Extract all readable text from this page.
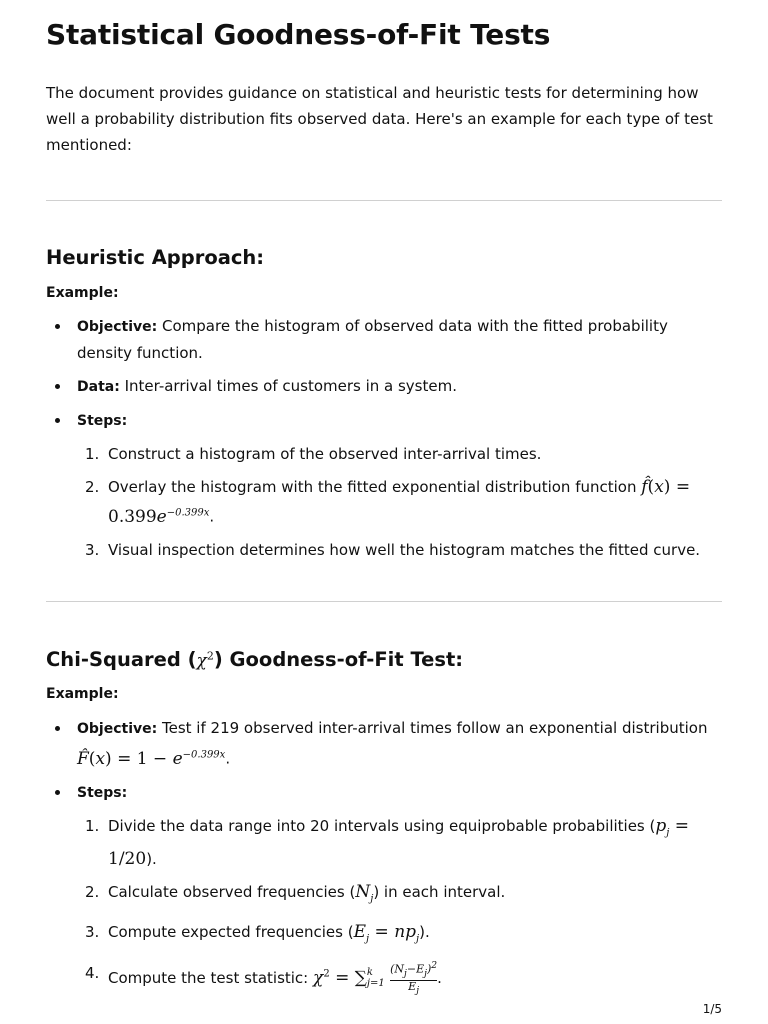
Statistical Goodness-of-Fit Tests

The document provides guidance on statistical and heuristic tests for determining how well a probability distribution fits observed data. Here's an example for each type of test mentioned:

Heuristic Approach:

Example:

Objective: Compare the histogram of observed data with the fitted probability density function.
Data: Inter-arrival times of customers in a system.
Steps:
1. Construct a histogram of the observed inter-arrival times.
2. Overlay the histogram with the fitted exponential distribution function f̂(x) =
$0.399e^{-0.399x}$.
3. Visual inspection determines how well the histogram matches the fitted curve.
Chi-Squared $(\chi^2)$ Goodness-of-Fit Test:

Example:

Objective: Test if 219 observed inter-arrival times follow an exponential distribution
F̂(x) = $1 - e^{-0.399x}$.
Steps:
1. Divide the data range into 20 intervals using equiprobable probabilities $(p_j = 1/20)$.
2. Calculate observed frequencies $(N_j)$ in each interval.
3. Compute expected frequencies $(E_j = np_j)$.
4. Compute the test statistic: $\chi^2$ = ∑ k
j=1
$\frac{(N_j-E_j)^2}{E_j}$ .
1/5
